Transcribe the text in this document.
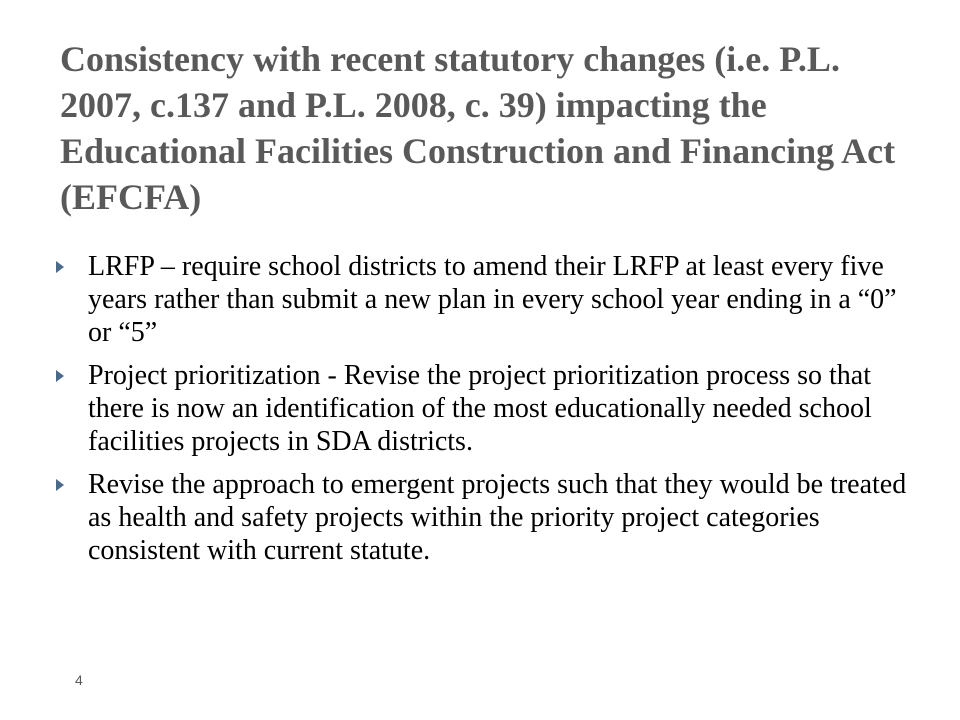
Consistency with recent statutory changes (i.e. P.L. 2007, c.137 and P.L. 2008, c. 39) impacting the Educational Facilities Construction and Financing Act (EFCFA)
LRFP – require school districts to amend their LRFP at least every five years rather than submit a new plan in every school year ending in a “0” or “5”
Project prioritization - Revise the project prioritization process so that there is now an identification of the most educationally needed school facilities projects in SDA districts.
Revise the approach to emergent projects such that they would be treated as health and safety projects within the priority project categories consistent with current statute.
4
